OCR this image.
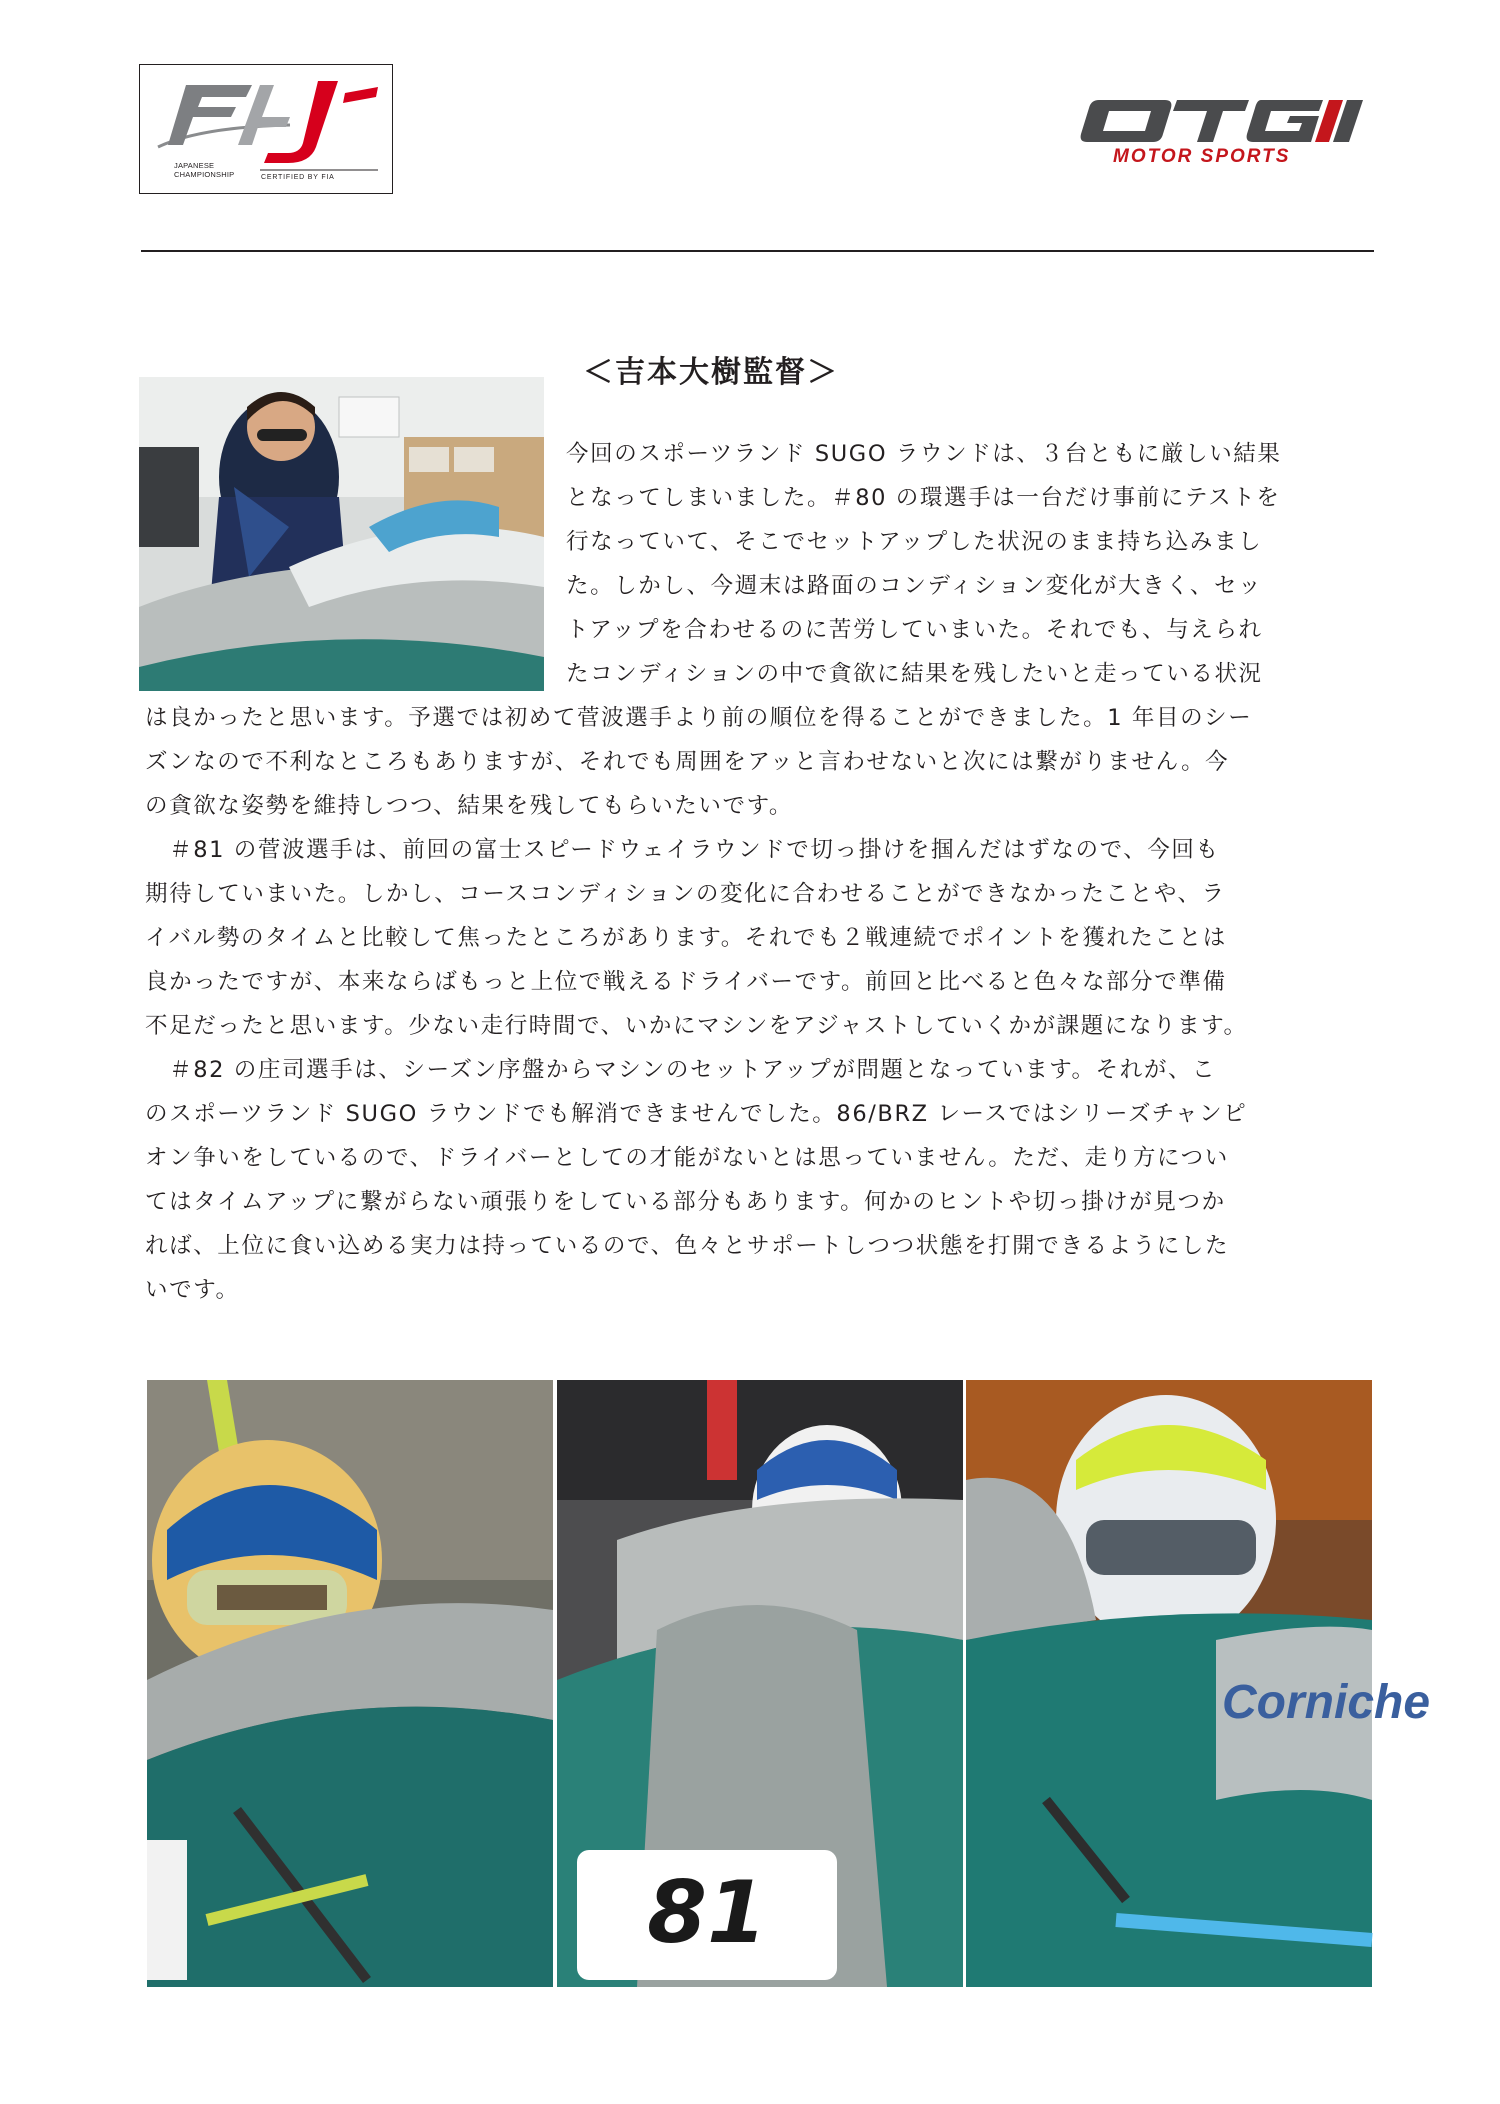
JAPANESE CHAMPIONSHIP	CERTIFIED BY FIA
MOTOR SPORTS
＜吉本大樹監督＞
今回のスポーツランド SUGO ラウンドは、３台ともに厳しい結果
となってしまいました。＃80 の環選手は一台だけ事前にテストを
行なっていて、そこでセットアップした状況のまま持ち込みまし
た。しかし、今週末は路面のコンディション変化が大きく、セッ
トアップを合わせるのに苦労していまいた。それでも、与えられ
たコンディションの中で貪欲に結果を残したいと走っている状況
は良かったと思います。予選では初めて菅波選手より前の順位を得ることができました。1 年目のシー
ズンなので不利なところもありますが、それでも周囲をアッと言わせないと次には繋がりません。今
の貪欲な姿勢を維持しつつ、結果を残してもらいたいです。
　＃81 の菅波選手は、前回の富士スピードウェイラウンドで切っ掛けを掴んだはずなので、今回も
期待していまいた。しかし、コースコンディションの変化に合わせることができなかったことや、ラ
イバル勢のタイムと比較して焦ったところがあります。それでも２戦連続でポイントを獲れたことは
良かったですが、本来ならばもっと上位で戦えるドライバーです。前回と比べると色々な部分で準備
不足だったと思います。少ない走行時間で、いかにマシンをアジャストしていくかが課題になります。
　＃82 の庄司選手は、シーズン序盤からマシンのセットアップが問題となっています。それが、こ
のスポーツランド SUGO ラウンドでも解消できませんでした。86/BRZ レースではシリーズチャンピ
オン争いをしているので、ドライバーとしての才能がないとは思っていません。ただ、走り方につい
てはタイムアップに繋がらない頑張りをしている部分もあります。何かのヒントや切っ掛けが見つか
れば、上位に食い込める実力は持っているので、色々とサポートしつつ状態を打開できるようにした
いです。
81
Corniche
